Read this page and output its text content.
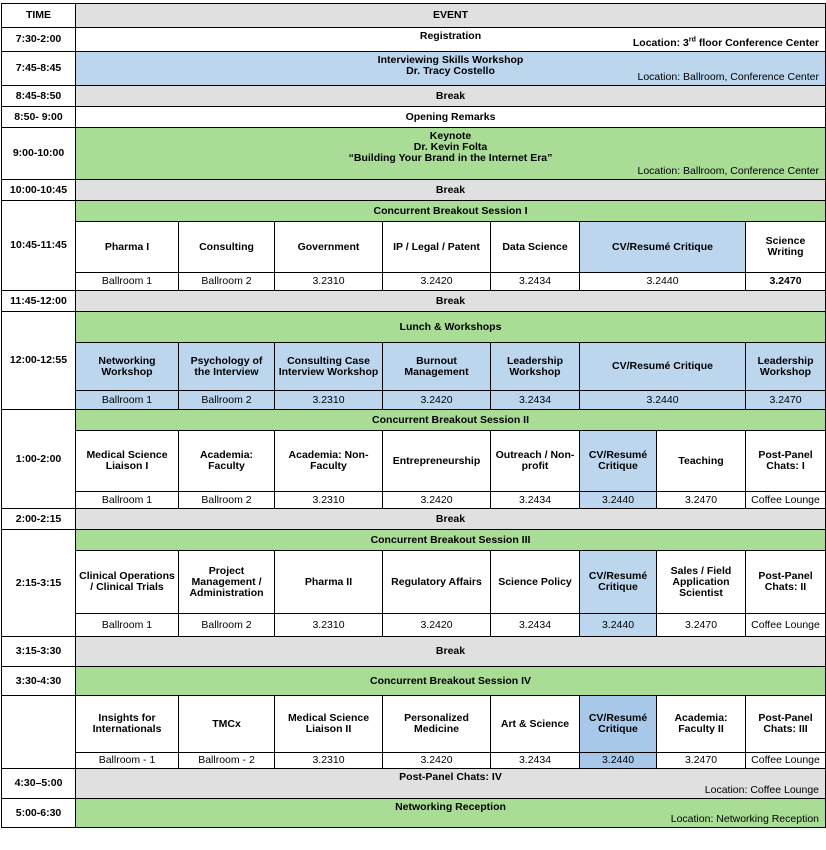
TIME	EVENT							
7:30-2:00	Registration
Location: 3rd floor Conference Center							

7:45-8:45	Interviewing Skills Workshop
Dr. Tracy Costello Location: Ballroom, Conference Center							

8:45-8:50	Break							
8:50- 9:00	Opening Remarks							
9:00-10:00	Keynote
Dr. Kevin Folta
“Building Your Brand in the Internet Era”
Location: Ballroom, Conference Center							

10:00-10:45	Break							
10:45-11:45	Concurrent Breakout Session I							
	Pharma I	Consulting	Government	IP / Legal / Patent	Data Science	CV/Resumé Critique		Science Writing
	Ballroom 1	Ballroom 2	3.2310	3.2420	3.2434	3.2440		3.2470
11:45-12:00	Break							
12:00-12:55	Lunch & Workshops							
	Networking Workshop	Psychology of the Interview	Consulting Case Interview Workshop	Burnout Management	Leadership Workshop	CV/Resumé Critique		Leadership Workshop
	Ballroom 1	Ballroom 2	3.2310	3.2420	3.2434	3.2440		3.2470
1:00-2:00	Concurrent Breakout Session II							
	Medical Science Liaison I	Academia: Faculty	Academia: Non-Faculty	Entrepreneurship	Outreach / Non-profit	CV/Resumé Critique	Teaching	Post-Panel Chats: I
	Ballroom 1	Ballroom 2	3.2310	3.2420	3.2434	3.2440	3.2470	Coffee Lounge
2:00-2:15	Break							
2:15-3:15	Concurrent Breakout Session III							
	Clinical Operations / Clinical Trials	Project Management / Administration	Pharma II	Regulatory Affairs	Science Policy	CV/Resumé Critique	Sales / Field Application Scientist	Post-Panel Chats: II
	Ballroom 1	Ballroom 2	3.2310	3.2420	3.2434	3.2440	3.2470	Coffee Lounge
3:15-3:30	Break							
3:30-4:30	Concurrent Breakout Session IV							
	Insights for Internationals	TMCx	Medical Science Liaison II	Personalized Medicine	Art & Science	CV/Resumé Critique	Academia: Faculty II	Post-Panel Chats: III
	Ballroom - 1	Ballroom - 2	3.2310	3.2420	3.2434	3.2440	3.2470	Coffee Lounge
4:30–5:00	Post-Panel Chats: IV
Location: Coffee Lounge							

5:00-6:30	Networking Reception
Location: Networking Reception							
